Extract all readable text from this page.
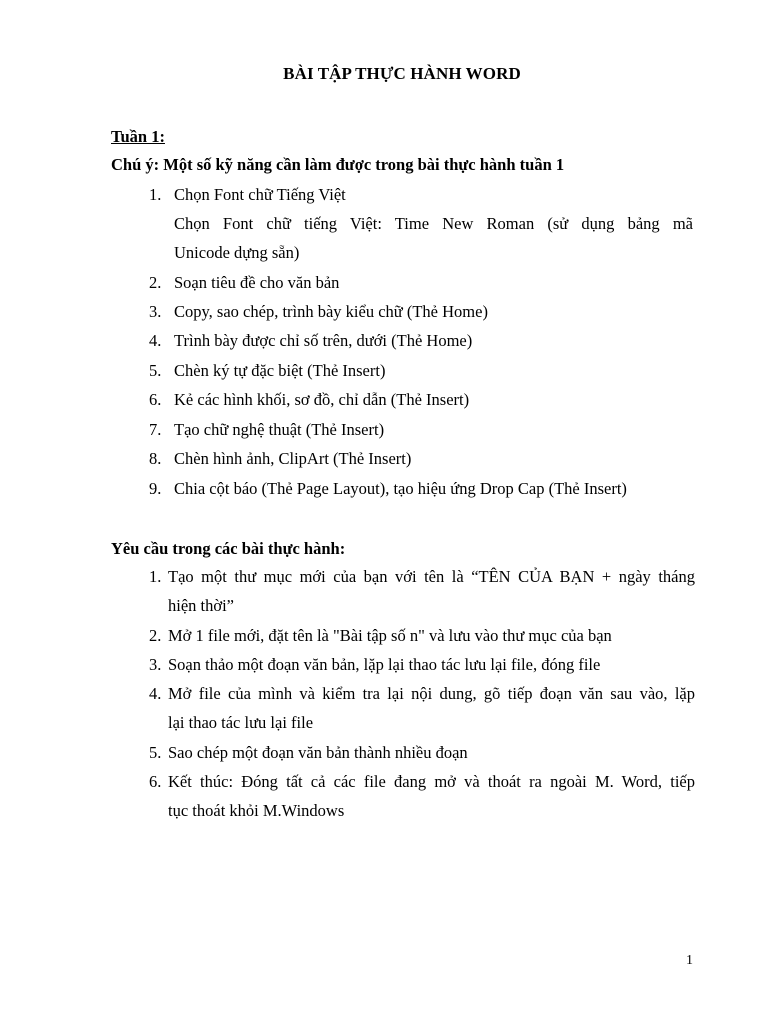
BÀI TẬP THỰC HÀNH WORD
Tuần 1:
Chú ý: Một số kỹ năng cần làm được trong bài thực hành tuần 1
1. Chọn Font chữ Tiếng Việt
Chọn Font chữ tiếng Việt: Time New Roman (sử dụng bảng mã
Unicode dựng sẵn)
2. Soạn tiêu đề cho văn bản
3. Copy, sao chép, trình bày kiểu chữ (Thẻ Home)
4. Trình bày được chỉ số trên, dưới (Thẻ Home)
5. Chèn ký tự đặc biệt (Thẻ Insert)
6. Kẻ các hình khối, sơ đồ, chỉ dẫn (Thẻ Insert)
7. Tạo chữ nghệ thuật (Thẻ Insert)
8. Chèn hình ảnh, ClipArt (Thẻ Insert)
9. Chia cột báo (Thẻ Page Layout), tạo hiệu ứng Drop Cap (Thẻ Insert)
Yêu cầu trong các bài thực hành:
1. Tạo một thư mục mới của bạn với tên là “TÊN CỦA BẠN + ngày tháng
hiện thời”
2. Mở 1 file mới, đặt tên là "Bài tập số n" và lưu vào thư mục của bạn
3. Soạn thảo một đoạn văn bản, lặp lại thao tác lưu lại file, đóng file
4. Mở file của mình và kiểm tra lại nội dung, gõ tiếp đoạn văn sau vào, lặp
lại thao tác lưu lại file
5. Sao chép một đoạn văn bản thành nhiều đoạn
6. Kết thúc: Đóng tất cả các file đang mở và thoát ra ngoài M. Word, tiếp
tục thoát khỏi M.Windows
1
